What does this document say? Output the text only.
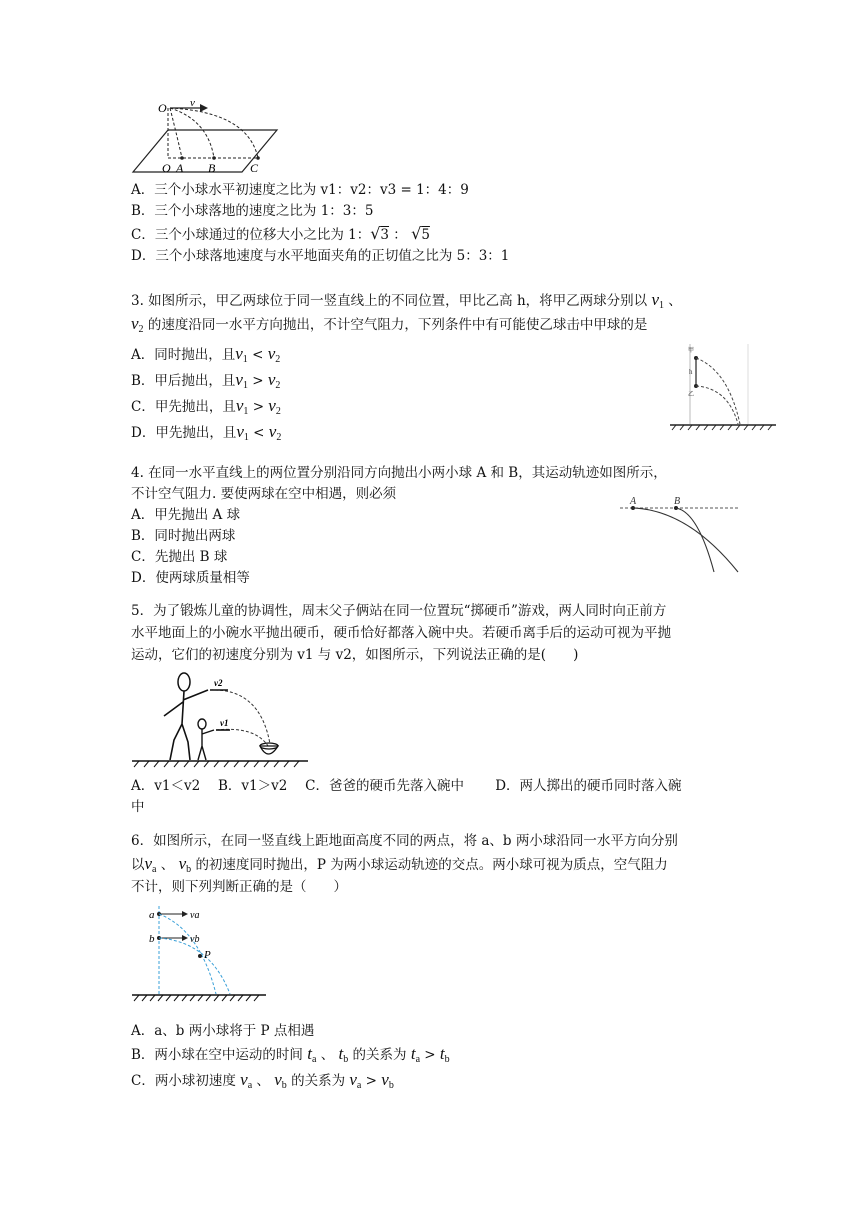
O v
O A B	C
A．三个小球水平初速度之比为 v1：v2：v3 = 1：4：9
B．三个小球落地的速度之比为 1：3：5
C．三个小球通过的位移大小之比为 1：√3 ： √5
D．三个小球落地速度与水平地面夹角的正切值之比为 5：3：1
3. 如图所示，甲乙两球位于同一竖直线上的不同位置，甲比乙高 h，将甲乙两球分别以 $v_1$ 、
$v_2$ 的速度沿同一水平方向抛出，不计空气阻力，下列条件中有可能使乙球击中甲球的是
A．同时抛出，且$v_1 < v_2$
B．甲后抛出，且$v_1 > v_2$
C．甲先抛出，且$v_1 > v_2$
D．甲先抛出，且$v_1 < v_2$
甲
h
乙
4. 在同一水平直线上的两位置分别沿同方向抛出小两小球 A 和 B，其运动轨迹如图所示，
不计空气阻力. 要使两球在空中相遇，则必须
A．甲先抛出 A 球
B．同时抛出两球
C．先抛出 B 球
D．使两球质量相等
A	B
5．为了锻炼儿童的协调性，周末父子俩站在同一位置玩“掷硬币”游戏，两人同时向正前方
水平地面上的小碗水平抛出硬币，硬币恰好都落入碗中央。若硬币离手后的运动可视为平抛
运动，它们的初速度分别为 v1 与 v2，如图所示，下列说法正确的是(　　)
v2
v1
A．v1＜v2　 B．v1＞v2　 C．爸爸的硬币先落入碗中　　 D．两人掷出的硬币同时落入碗
中
6．如图所示，在同一竖直线上距地面高度不同的两点，将 a、b 两小球沿同一水平方向分别
以$v_a$ 、 $v_b$ 的初速度同时抛出，P 为两小球运动轨迹的交点。两小球可视为质点，空气阻力
不计，则下列判断正确的是（　　）
a	va
b	vb
P
A．a、b 两小球将于 P 点相遇
B．两小球在空中运动的时间 $t_a$ 、 $t_b$ 的关系为 $t_a > t_b$
C．两小球初速度 $v_a$ 、 $v_b$ 的关系为 $v_a > v_b$
